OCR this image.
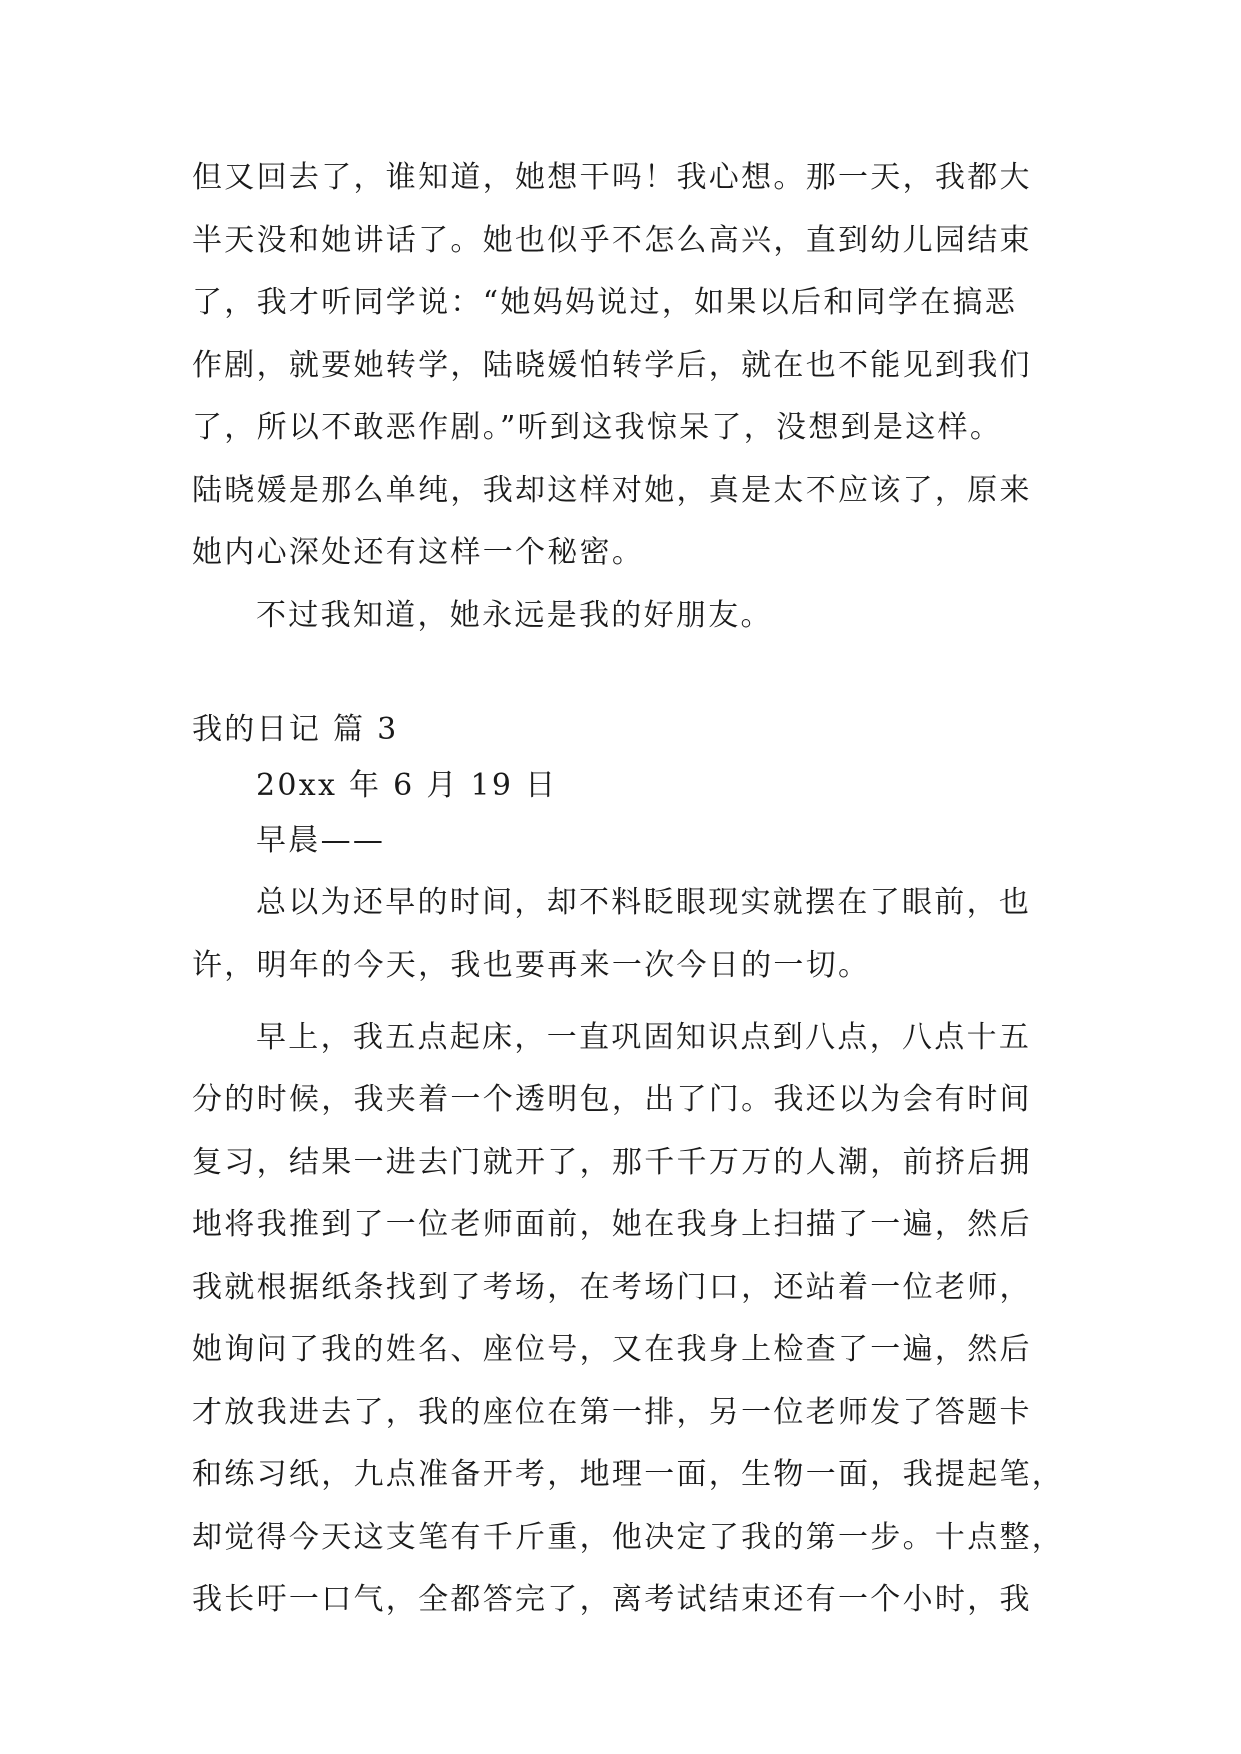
但又回去了，谁知道，她想干吗！我心想。那一天，我都大
半天没和她讲话了。她也似乎不怎么高兴，直到幼儿园结束
了，我才听同学说：“她妈妈说过，如果以后和同学在搞恶
作剧，就要她转学，陆晓媛怕转学后，就在也不能见到我们
了，所以不敢恶作剧。”听到这我惊呆了，没想到是这样。
陆晓媛是那么单纯，我却这样对她，真是太不应该了，原来
她内心深处还有这样一个秘密。
不过我知道，她永远是我的好朋友。
我的日记 篇 3
20xx 年 6 月 19 日
早晨——
总以为还早的时间，却不料眨眼现实就摆在了眼前，也
许，明年的今天，我也要再来一次今日的一切。
早上，我五点起床，一直巩固知识点到八点，八点十五
分的时候，我夹着一个透明包，出了门。我还以为会有时间
复习，结果一进去门就开了，那千千万万的人潮，前挤后拥
地将我推到了一位老师面前，她在我身上扫描了一遍，然后
我就根据纸条找到了考场，在考场门口，还站着一位老师，
她询问了我的姓名、座位号，又在我身上检查了一遍，然后
才放我进去了，我的座位在第一排，另一位老师发了答题卡
和练习纸，九点准备开考，地理一面，生物一面，我提起笔，
却觉得今天这支笔有千斤重，他决定了我的第一步。十点整，
我长吁一口气，全都答完了，离考试结束还有一个小时，我
